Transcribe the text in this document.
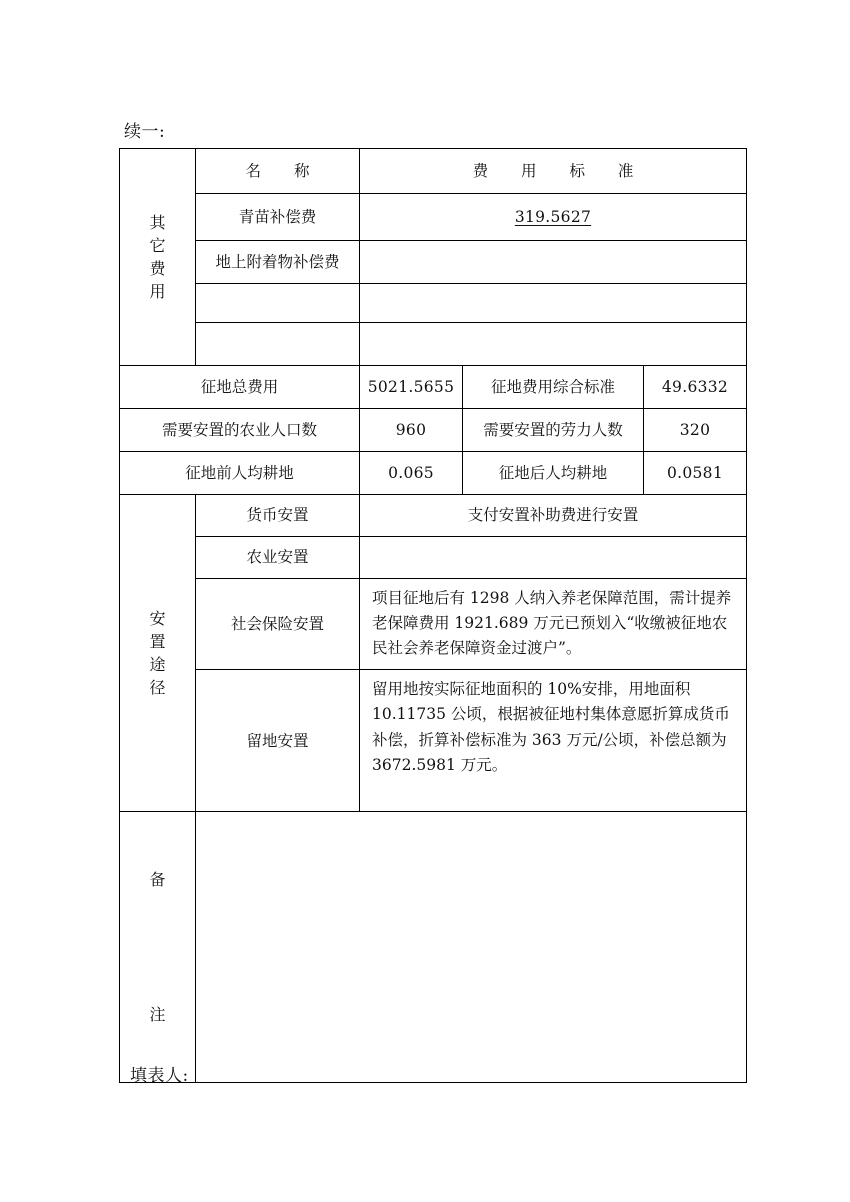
续一:
其
它
费
用	名 称	费 用 标 准		
	青苗补偿费	319.5627		
	地上附着物补偿费			

征地总费用		5021.5655	征地费用综合标准	49.6332
需要安置的农业人口数		960	需要安置的劳力人数	320
征地前人均耕地		0.065	征地后人均耕地	0.0581

安
置
途
径	货币安置	支付安置补助费进行安置		
	农业安置			
	社会保险安置	项目征地后有 1298 人纳入养老保障范围，需计提养老保障费用 1921.689 万元已预划入“收缴被征地农民社会养老保障资金过渡户”。		

	留地安置	留用地按实际征地面积的 10%安排，用地面积 10.11735 公顷，根据被征地村集体意愿折算成货币补偿，折算补偿标准为 363 万元/公顷，补偿总额为 3672.5981 万元。		

备
注				

填表人:
